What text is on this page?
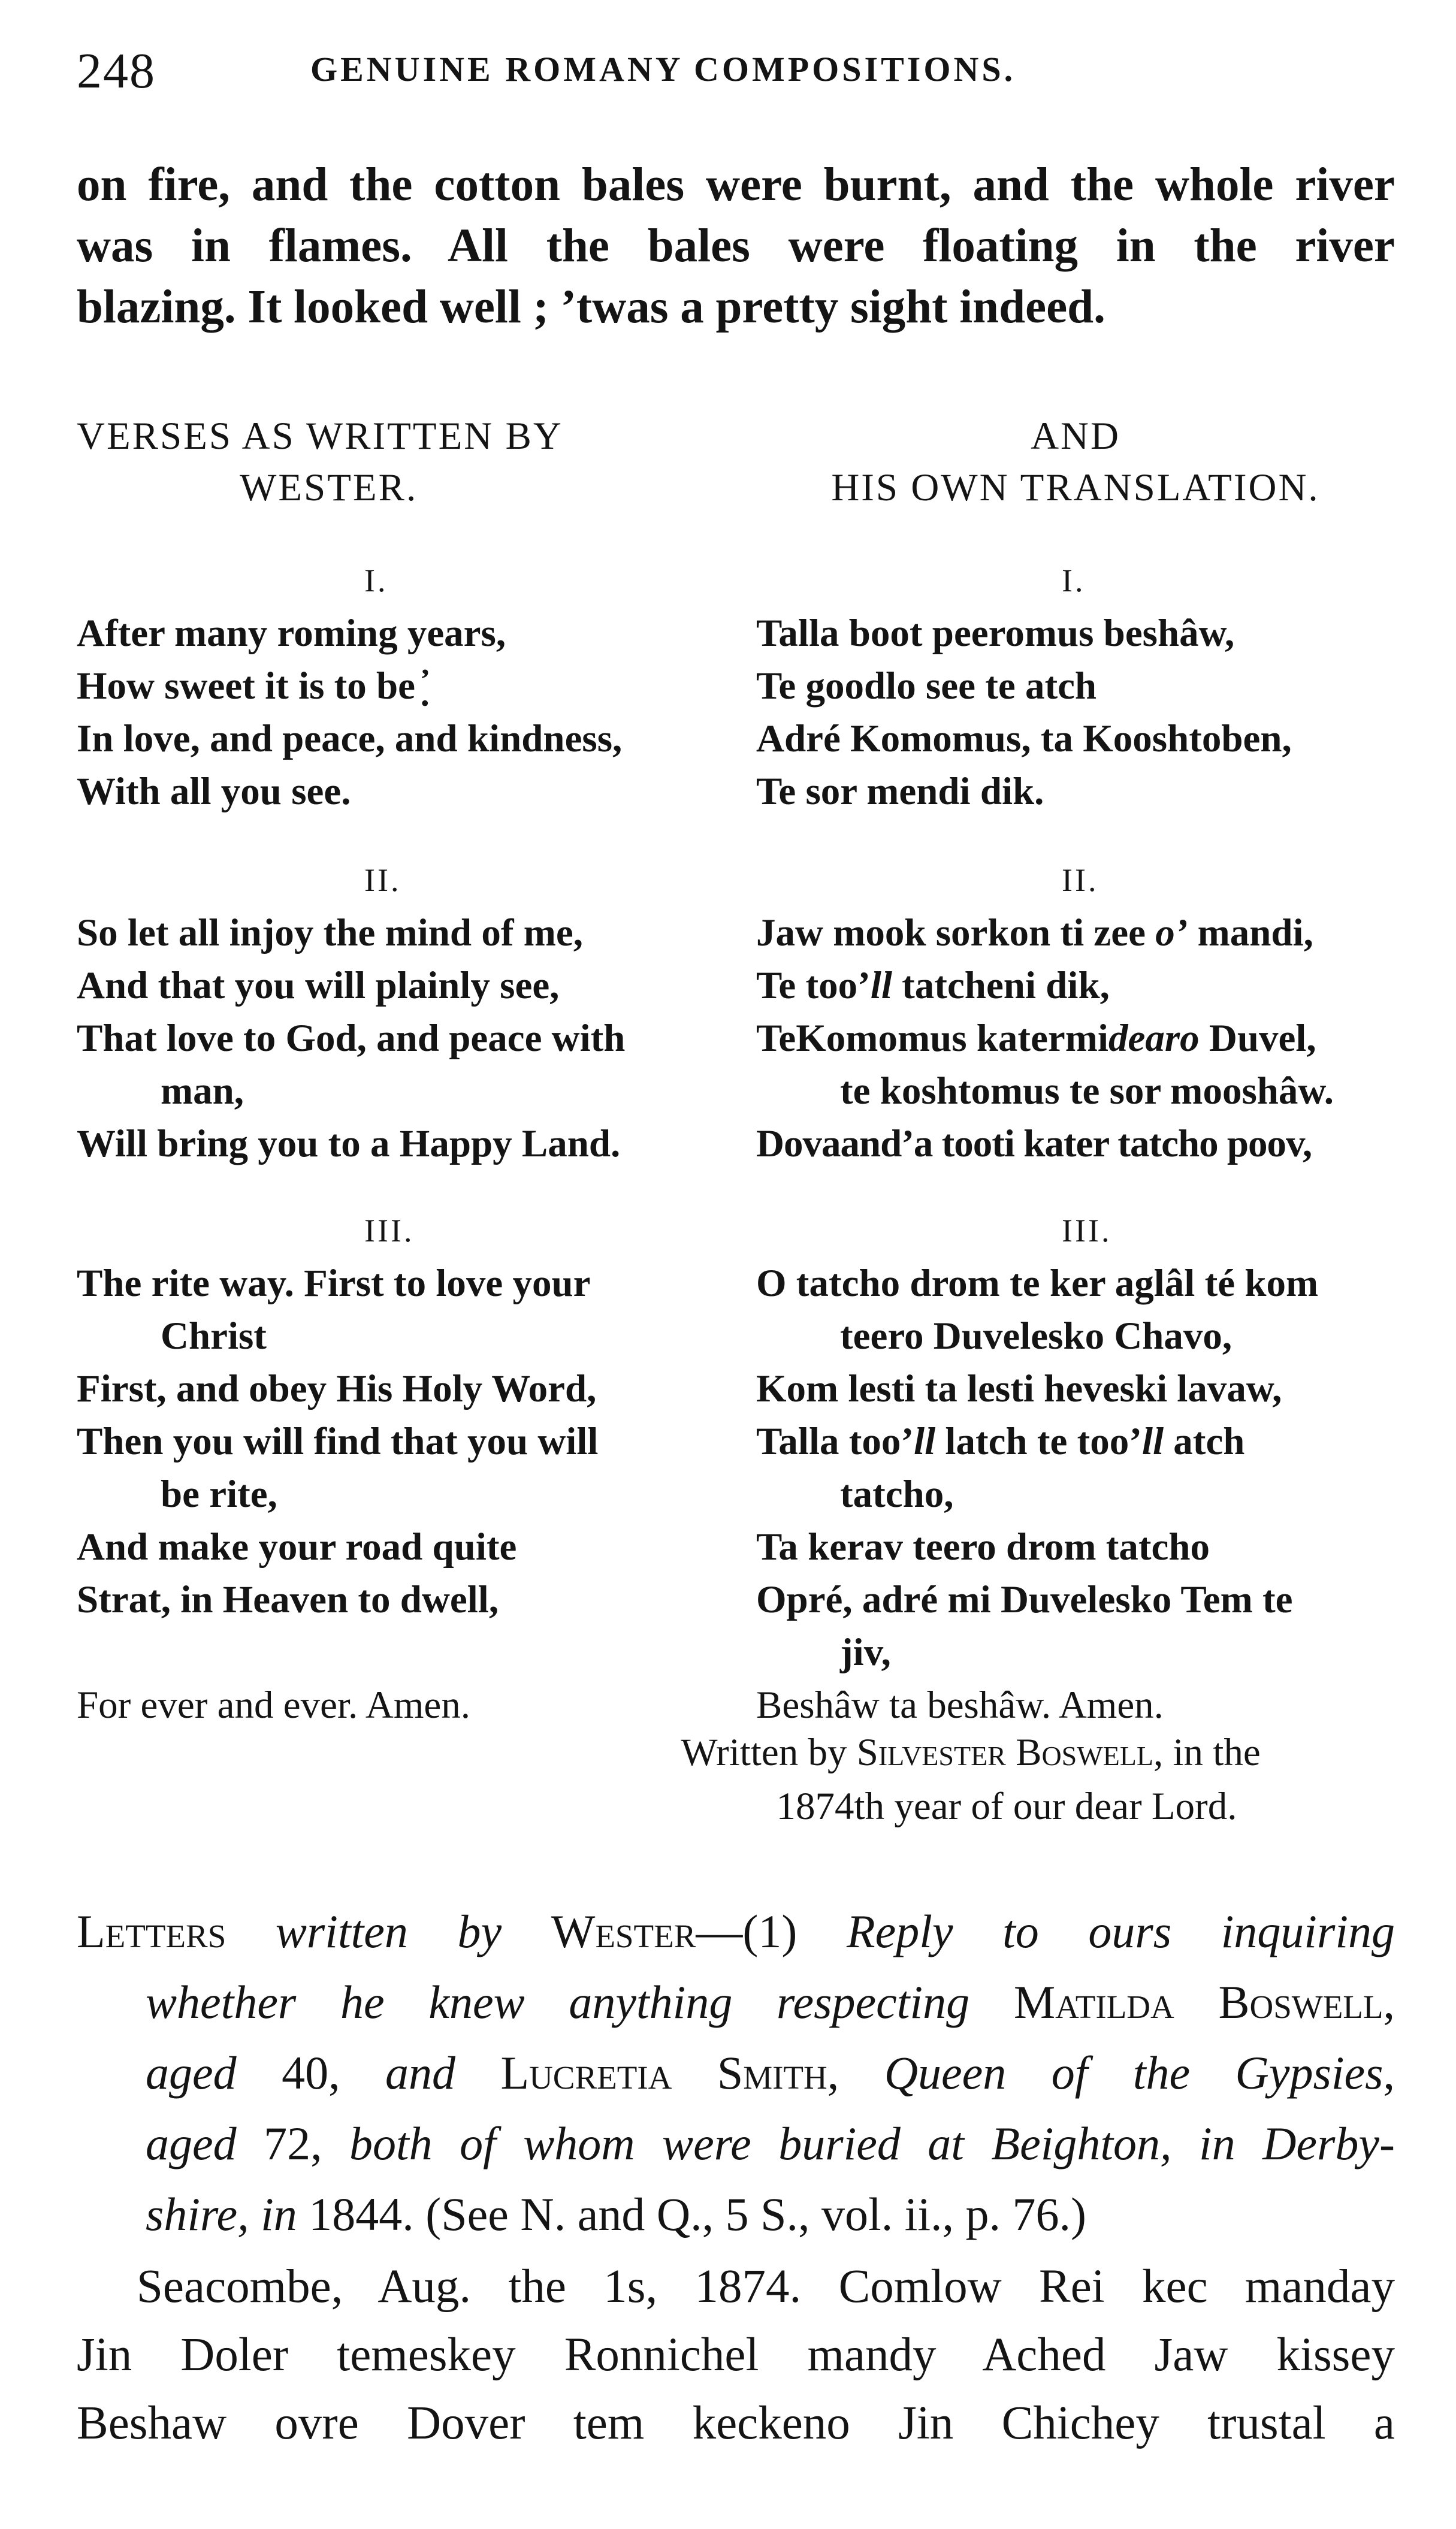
248	GENUINE ROMANY COMPOSITIONS.
on fire, and the cotton bales were burnt, and the whole river
was in flames. All the bales were floating in the river
blazing. It looked well ; ’twas a pretty sight indeed.
VERSES AS WRITTEN BY
WESTER.
AND
HIS OWN TRANSLATION.
I.
After many roming years,
How sweet it is to be ̣̓
In love, and peace, and kindness,
With all you see.
I.
Talla boot peeromus beshâw,
Te goodlo see te atch
Adré Komomus, ta Kooshtoben,
Te sor mendi dik.
II.
So let all injoy the mind of me,
And that you will plainly see,
That love to God, and peace with
man,
Will bring you to a Happy Land.
II.
Jaw mook sorkon ti zee o’ mandi,
Te too’ll tatcheni dik,
TeKomomus katermidearo Duvel,
te koshtomus te sor mooshâw.
Dovaand’a tooti kater tatcho poov,
III.
The rite way. First to love your
Christ
First, and obey His Holy Word,
Then you will find that you will
be rite,
And make your road quite
Strat, in Heaven to dwell,
For ever and ever. Amen.
III.
O tatcho drom te ker aglâl té kom
teero Duvelesko Chavo,
Kom lesti ta lesti heveski lavaw,
Talla too’ll latch te too’ll atch
tatcho,
Ta kerav teero drom tatcho
Opré, adré mi Duvelesko Tem te
jiv,
Beshâw ta beshâw. Amen.
Written by Silvester Boswell, in the
1874th year of our dear Lord.
Letters written by Wester—(1) Reply to ours inquiring
whether he knew anything respecting Matilda Boswell,
aged 40, and Lucretia Smith, Queen of the Gypsies,
aged 72, both of whom were buried at Beighton, in Derby-
shire, in 1844. (See N. and Q., 5 S., vol. ii., p. 76.)
Seacombe, Aug. the 1s, 1874. Comlow Rei kec manday
Jin Doler temeskey Ronnichel mandy Ached Jaw kissey
Beshaw ovre Dover tem keckeno Jin Chichey trustal a
